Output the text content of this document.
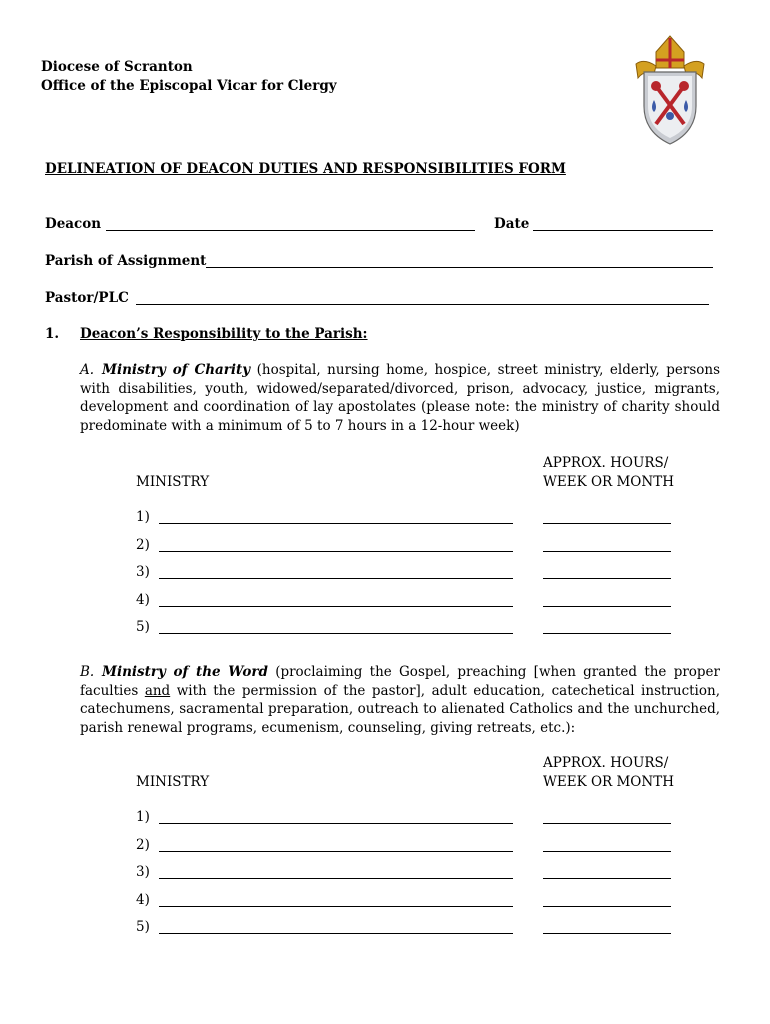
Diocese of Scranton
Office of the Episcopal Vicar for Clergy
DELINEATION OF DEACON DUTIES AND RESPONSIBILITIES FORM
Deacon	Date
Parish of Assignment
Pastor/PLC
1. Deacon’s Responsibility to the Parish:
A. Ministry of Charity (hospital, nursing home, hospice, street ministry, elderly, persons with disabilities, youth, widowed/separated/divorced, prison, advocacy, justice, migrants, development and coordination of lay apostolates (please note: the ministry of charity should predominate with a minimum of 5 to 7 hours in a 12-hour week)
APPROX. HOURS/
WEEK OR MONTH
MINISTRY
1)
2)
3)
4)
5)
B. Ministry of the Word (proclaiming the Gospel, preaching [when granted the proper faculties and with the permission of the pastor], adult education, catechetical instruction, catechumens, sacramental preparation, outreach to alienated Catholics and the unchurched, parish renewal programs, ecumenism, counseling, giving retreats, etc.):
APPROX. HOURS/
WEEK OR MONTH
MINISTRY
1)
2)
3)
4)
5)
